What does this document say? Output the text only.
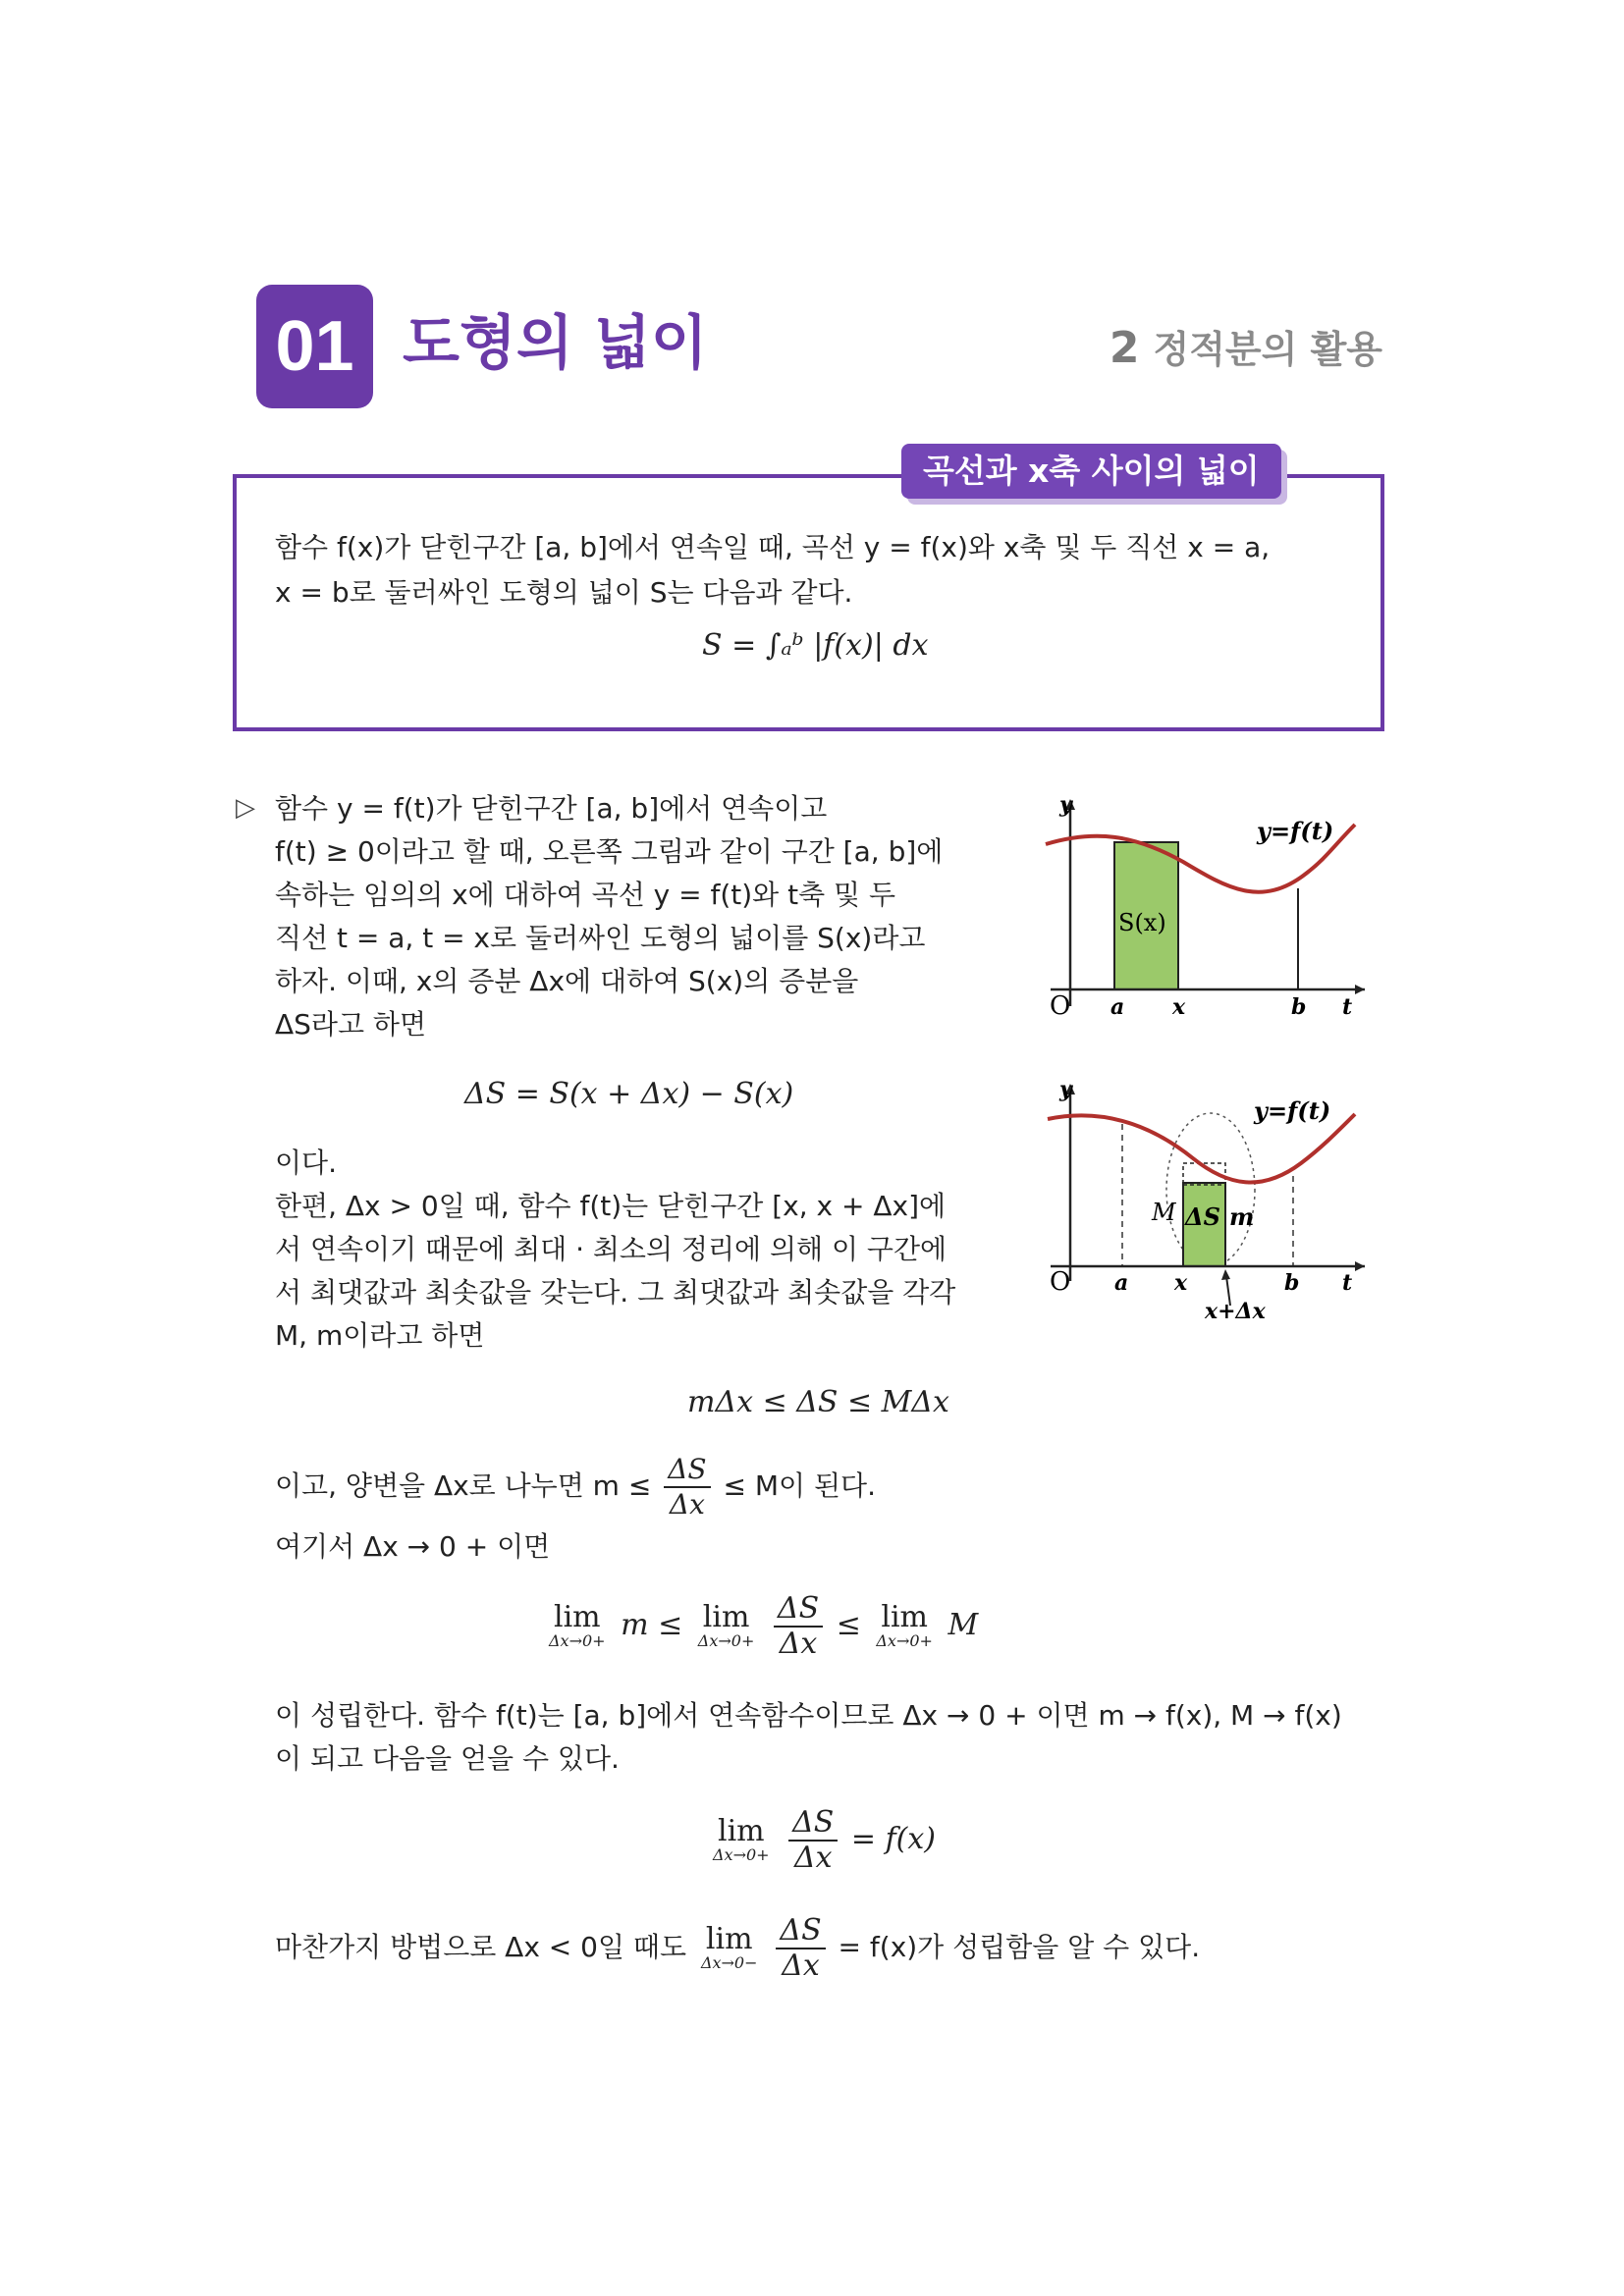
01 도형의 넓이	2 정적분의 활용
곡선과 x축 사이의 넓이
함수 f(x)가 닫힌구간 [a, b]에서 연속일 때, 곡선 y = f(x)와 x축 및 두 직선 x = a,
x = b로 둘러싸인 도형의 넓이 S는 다음과 같다.
S = ∫ₐᵇ |f(x)| dx
▷ 함수 y = f(t)가 닫힌구간 [a, b]에서 연속이고
f(t) ≥ 0이라고 할 때, 오른쪽 그림과 같이 구간 [a, b]에
속하는 임의의 x에 대하여 곡선 y = f(t)와 t축 및 두
직선 t = a, t = x로 둘러싸인 도형의 넓이를 S(x)라고
하자. 이때, x의 증분 Δx에 대하여 S(x)의 증분을
ΔS라고 하면
ΔS = S(x + Δx) − S(x)
이다.
한편, Δx > 0일 때, 함수 f(t)는 닫힌구간 [x, x + Δx]에
서 연속이기 때문에 최대 · 최소의 정리에 의해 이 구간에
서 최댓값과 최솟값을 갖는다. 그 최댓값과 최솟값을 각각
M, m이라고 하면
mΔx ≤ ΔS ≤ MΔx
이고, 양변을 Δx로 나누면 $m \le \frac{\Delta S}{\Delta x} \le M$이 된다.
여기서 Δx → 0 + 이면
lim
Δx→0+ m ≤ lim
Δx→0+
$\frac{\Delta S}{\Delta x} \le \lim$
Δx→0+ M
이 성립한다. 함수 f(t)는 [a, b]에서 연속함수이므로 Δx → 0 + 이면 m → f(x), M → f(x)
이 되고 다음을 얻을 수 있다.
lim
Δx→0+
$\frac{\Delta S}{\Delta x} = f(x)$
마찬가지 방법으로 Δx < 0일 때도 lim
Δx→0−
$\frac{\Delta S}{\Delta x} = f(x)$가 성립함을 알 수 있다.
y
y=f(t)
S(x)
O a x	b t
y
y=f(t)
M ΔS m
O a x	b t
x+Δx
